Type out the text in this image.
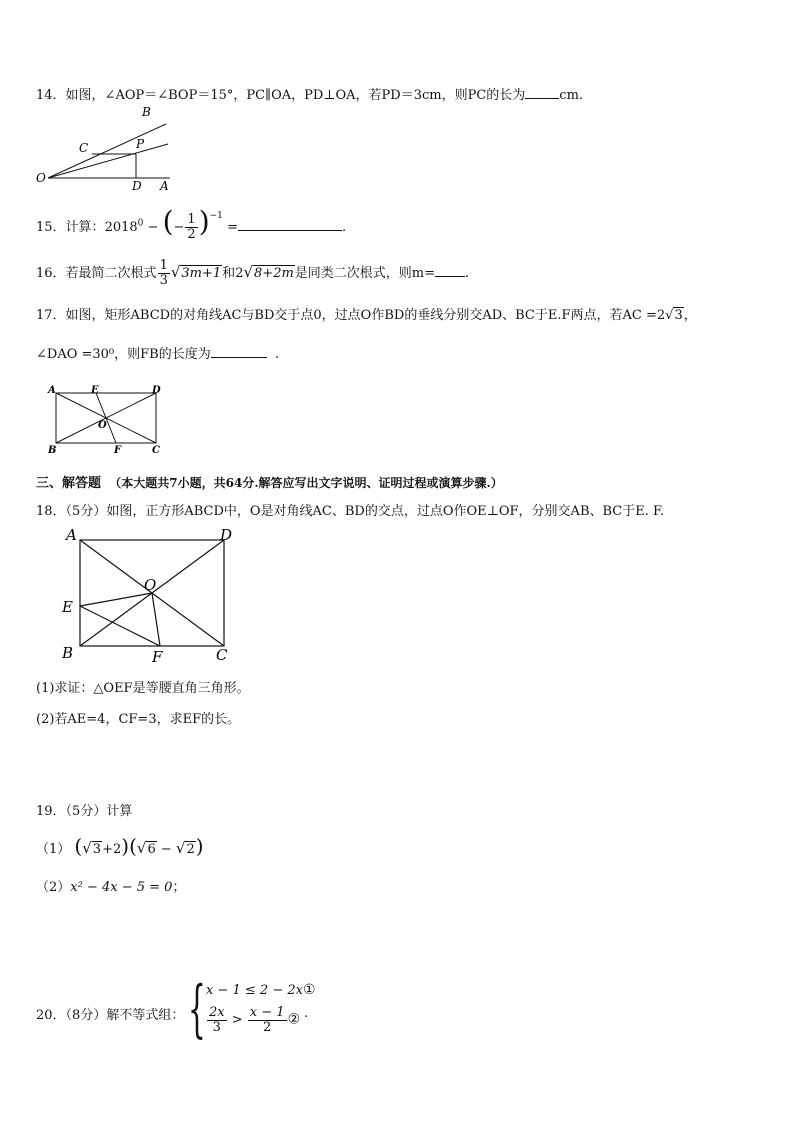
14．如图，∠AOP＝∠BOP＝15°，PC∥OA，PD⊥OA，若PD＝3cm，则PC的长为	cm.
B
C	P
O
D A
15．计算：$2018^0$ − (− $\frac{1}{2} )^{-1}$ =	.
16．若最简二次根式 $\frac{1}{3} √3m+1$和2√8+2m是同类二次根式，则m= .
17．如图，矩形ABCD的对角线AC与BD交于点0，过点O作BD的垂线分别交AD、BC于E.F两点，若AC =2√3，
∠DAO =30⁰，则FB的长度为	.
A	E	D
O
B	F	C
三、解答题 （本大题共7小题，共64分.解答应写出文字说明、证明过程或演算步骤.）
18．（5分）如图，正方形ABCD中，O是对角线AC、BD的交点，过点O作OE⊥OF，分别交AB、BC于E. F.
A	D
O
E
B	F	C
(1)求证：△OEF是等腰直角三角形。
(2)若AE=4，CF=3，求EF的长。
19．（5分）计算
（1） (√3+2)(√6 − √2)
（2）x² − 4x − 5 = 0；
20．（8分）解不等式组： { x − 1 ≤ 2 − 2x①
$\frac{2x}{3} > \frac{x - 1}{2}$ ② .
